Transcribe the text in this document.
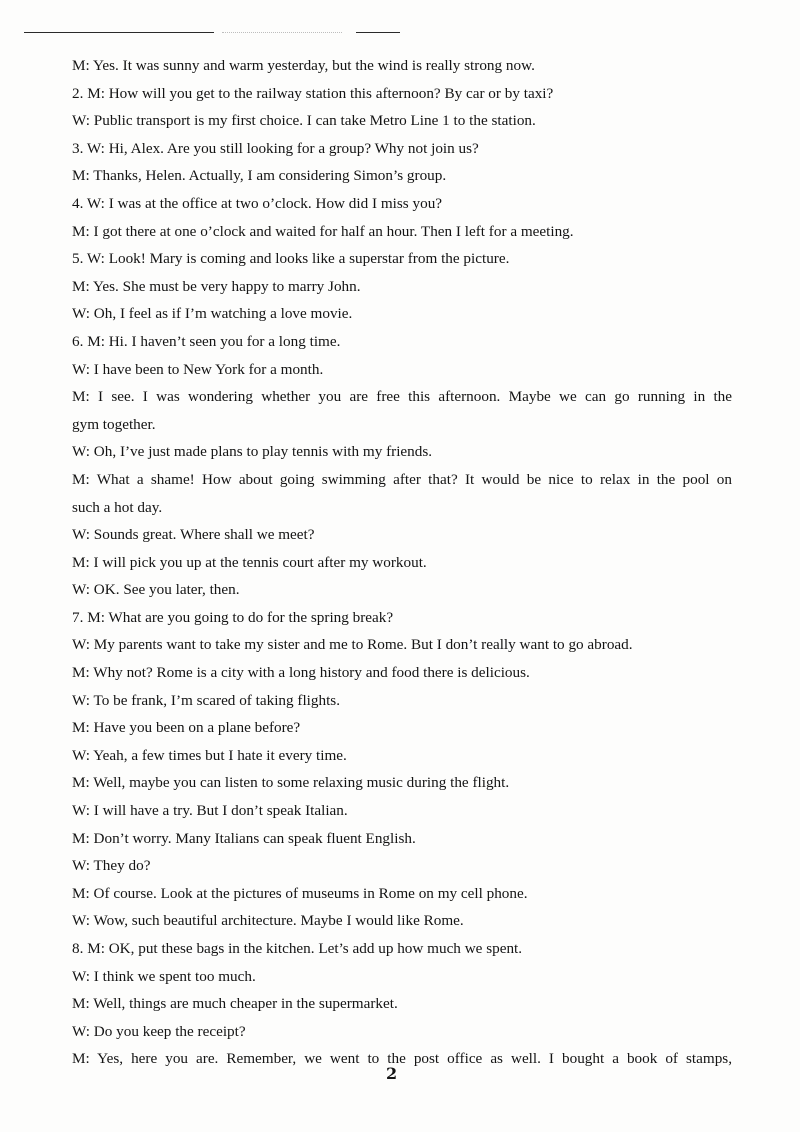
M: Yes. It was sunny and warm yesterday, but the wind is really strong now.
2. M: How will you get to the railway station this afternoon? By car or by taxi?
W: Public transport is my first choice. I can take Metro Line 1 to the station.
3. W: Hi, Alex. Are you still looking for a group? Why not join us?
M: Thanks, Helen. Actually, I am considering Simon’s group.
4. W: I was at the office at two o’clock. How did I miss you?
M: I got there at one o’clock and waited for half an hour. Then I left for a meeting.
5. W: Look! Mary is coming and looks like a superstar from the picture.
M: Yes. She must be very happy to marry John.
W: Oh, I feel as if I’m watching a love movie.
6. M: Hi. I haven’t seen you for a long time.
W: I have been to New York for a month.
M: I see. I was wondering whether you are free this afternoon. Maybe we can go running in the
gym together.
W: Oh, I’ve just made plans to play tennis with my friends.
M: What a shame! How about going swimming after that? It would be nice to relax in the pool on
such a hot day.
W: Sounds great. Where shall we meet?
M: I will pick you up at the tennis court after my workout.
W: OK. See you later, then.
7. M: What are you going to do for the spring break?
W: My parents want to take my sister and me to Rome. But I don’t really want to go abroad.
M: Why not? Rome is a city with a long history and food there is delicious.
W: To be frank, I’m scared of taking flights.
M: Have you been on a plane before?
W: Yeah, a few times but I hate it every time.
M: Well, maybe you can listen to some relaxing music during the flight.
W: I will have a try. But I don’t speak Italian.
M: Don’t worry. Many Italians can speak fluent English.
W: They do?
M: Of course. Look at the pictures of museums in Rome on my cell phone.
W: Wow, such beautiful architecture. Maybe I would like Rome.
8. M: OK, put these bags in the kitchen. Let’s add up how much we spent.
W: I think we spent too much.
M: Well, things are much cheaper in the supermarket.
W: Do you keep the receipt?
M: Yes, here you are. Remember, we went to the post office as well. I bought a book of stamps,
2
